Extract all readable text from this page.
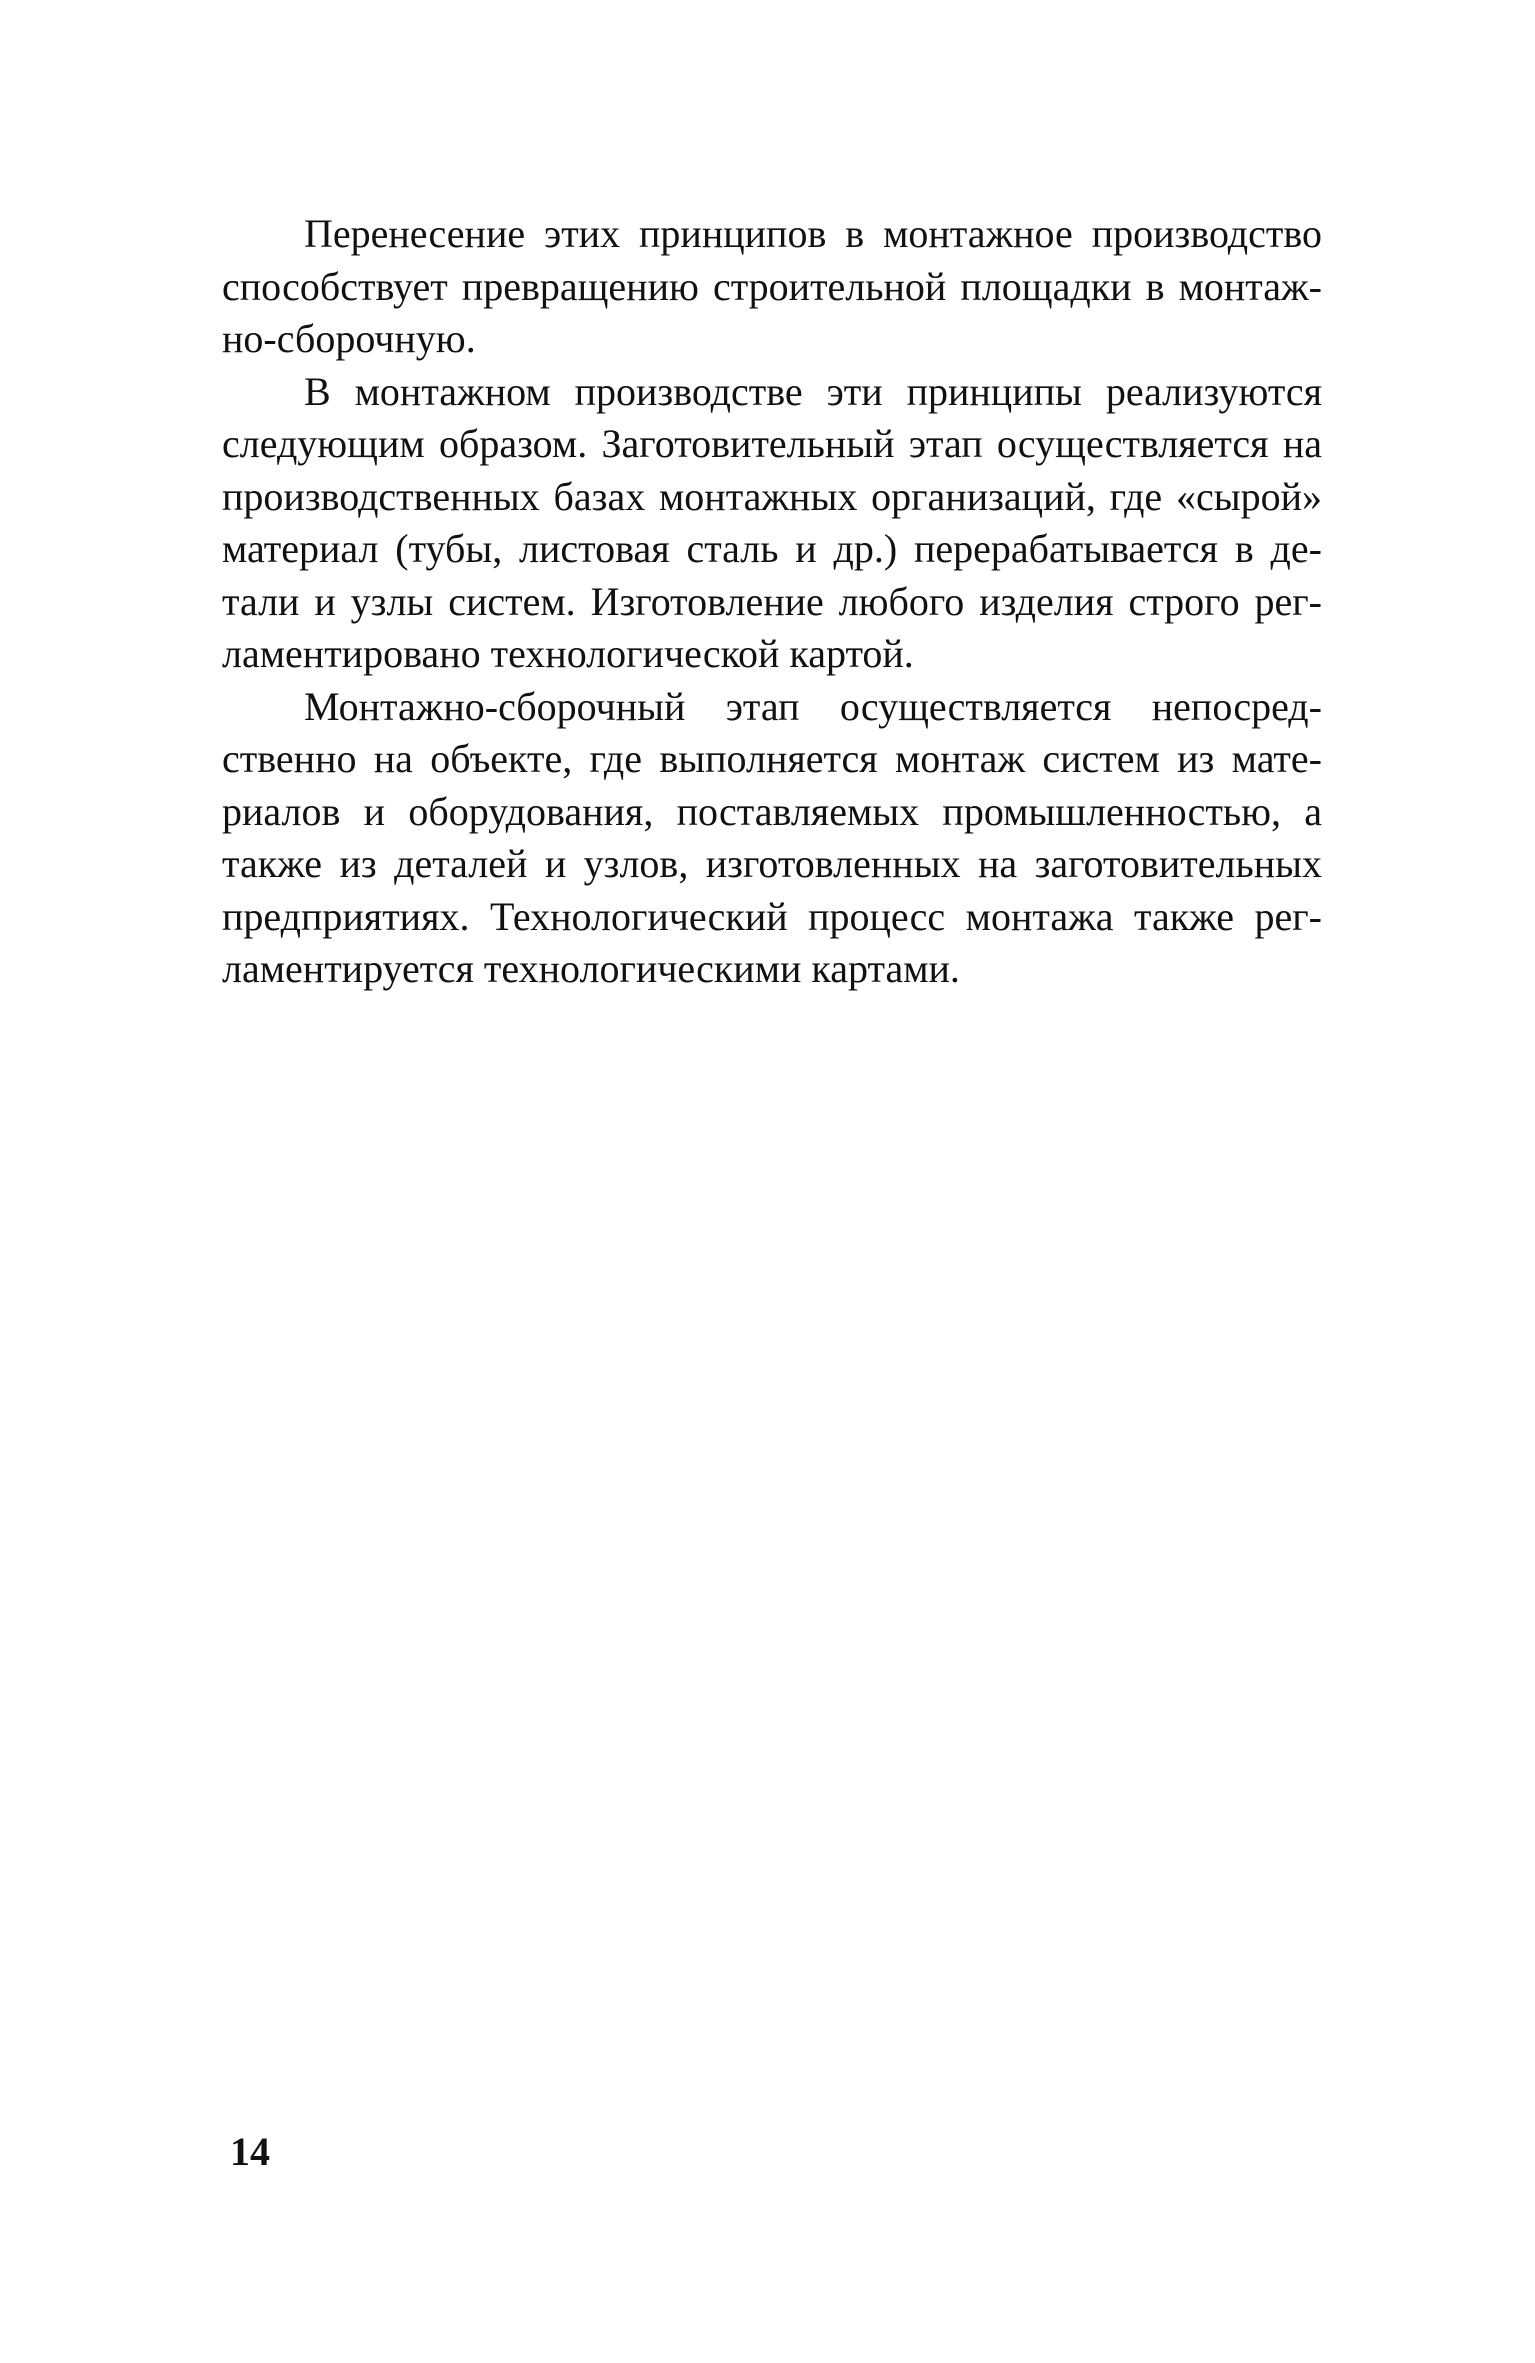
Перенесение этих принципов в монтажное производство способствует превращению строительной площадки в монтажно-сборочную.

В монтажном производстве эти принципы реализуются следующим образом. Заготовительный этап осуществляется на производственных базах монтажных организаций, где «сырой» материал (тубы, листовая сталь и др.) перерабатывается в детали и узлы систем. Изготовление любого изделия строго регламентировано технологической картой.

Монтажно-сборочный этап осуществляется непосредственно на объекте, где выполняется монтаж систем из материалов и оборудования, поставляемых промышленностью, а также из деталей и узлов, изготовленных на заготовительных предприятиях. Технологический процесс монтажа также регламентируется технологическими картами.

14
